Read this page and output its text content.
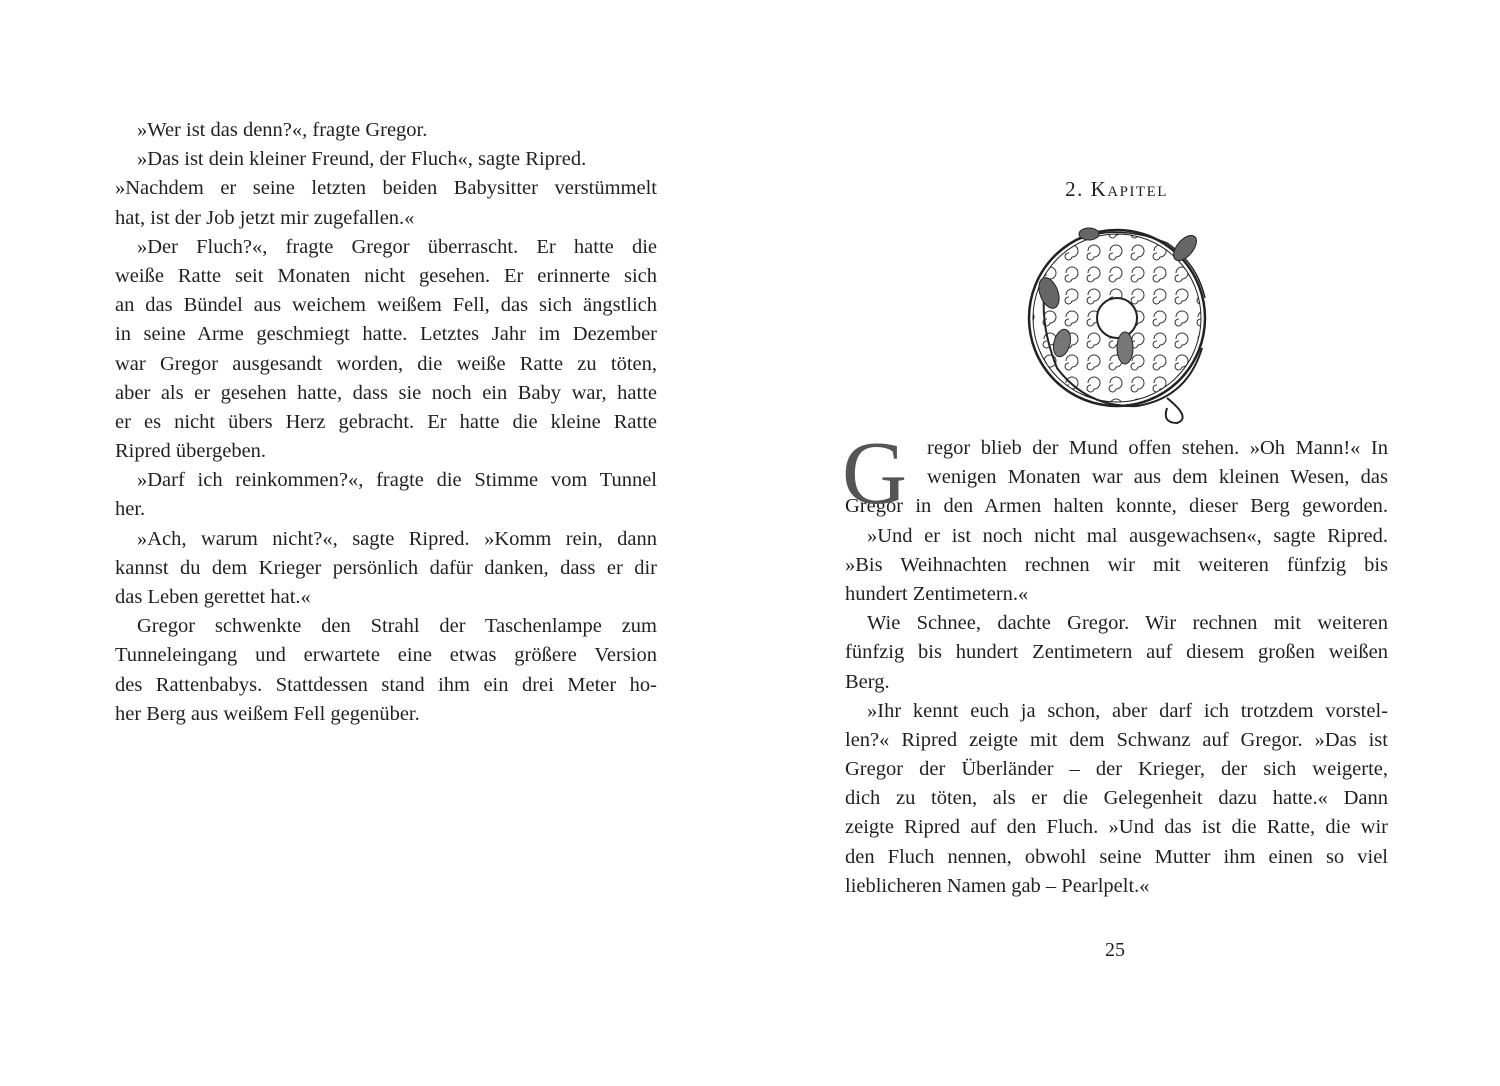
»Wer ist das denn?«, fragte Gregor.
»Das ist dein kleiner Freund, der Fluch«, sagte Ripred.
»Nachdem er seine letzten beiden Babysitter verstümmelt
hat, ist der Job jetzt mir zugefallen.«
»Der Fluch?«, fragte Gregor überrascht. Er hatte die
weiße Ratte seit Monaten nicht gesehen. Er erinnerte sich
an das Bündel aus weichem weißem Fell, das sich ängstlich
in seine Arme geschmiegt hatte. Letztes Jahr im Dezember
war Gregor ausgesandt worden, die weiße Ratte zu töten,
aber als er gesehen hatte, dass sie noch ein Baby war, hatte
er es nicht übers Herz gebracht. Er hatte die kleine Ratte
Ripred übergeben.
»Darf ich reinkommen?«, fragte die Stimme vom Tunnel
her.
»Ach, warum nicht?«, sagte Ripred. »Komm rein, dann
kannst du dem Krieger persönlich dafür danken, dass er dir
das Leben gerettet hat.«
Gregor schwenkte den Strahl der Taschenlampe zum
Tunneleingang und erwartete eine etwas größere Version
des Rattenbabys. Stattdessen stand ihm ein drei Meter ho-
her Berg aus weißem Fell gegenüber.
2. Kapitel
G regor blieb der Mund offen stehen. »Oh Mann!« In
wenigen Monaten war aus dem kleinen Wesen, das
Gregor in den Armen halten konnte, dieser Berg geworden.
»Und er ist noch nicht mal ausgewachsen«, sagte Ripred.
»Bis Weihnachten rechnen wir mit weiteren fünfzig bis
hundert Zentimetern.«
Wie Schnee, dachte Gregor. Wir rechnen mit weiteren
fünfzig bis hundert Zentimetern auf diesem großen weißen
Berg.
»Ihr kennt euch ja schon, aber darf ich trotzdem vorstel-
len?« Ripred zeigte mit dem Schwanz auf Gregor. »Das ist
Gregor der Überländer – der Krieger, der sich weigerte,
dich zu töten, als er die Gelegenheit dazu hatte.« Dann
zeigte Ripred auf den Fluch. »Und das ist die Ratte, die wir
den Fluch nennen, obwohl seine Mutter ihm einen so viel
lieblicheren Namen gab – Pearlpelt.«
25
